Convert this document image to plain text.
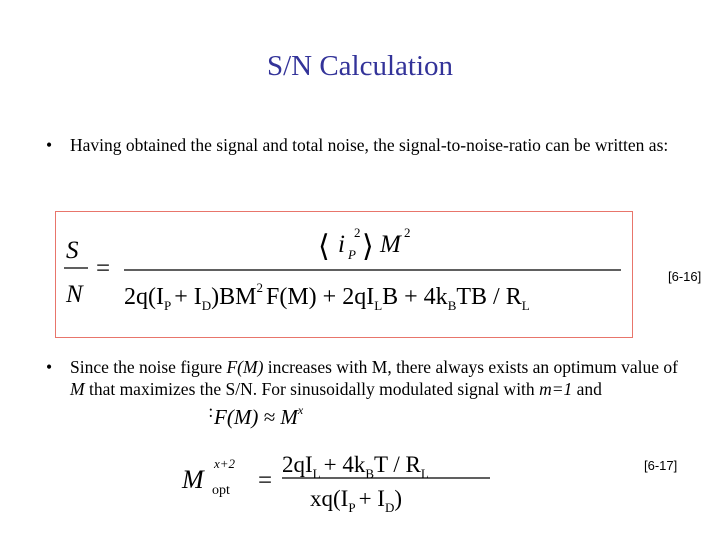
S/N Calculation
• Having obtained the signal and total noise, the signal-to-noise-ratio can be written as:
S
N
=
⟨ i P
2 ⟩ M 2
$2q(I_P + I_D)BM^2$ $F(M) + 2qI_LB + 4k_BTB / R_L$
[6-16]
• Since the noise figure F(M) increases with M, there always exists an optimum value of M that maximizes the S/N. For sinusoidally modulated signal with m=1 and  : $F(M) \approx M^x$
M
x+2
opt =
$2qI_L + 4k_BT / R_L$
$xq(I_P + I_D)$
[6-17]
